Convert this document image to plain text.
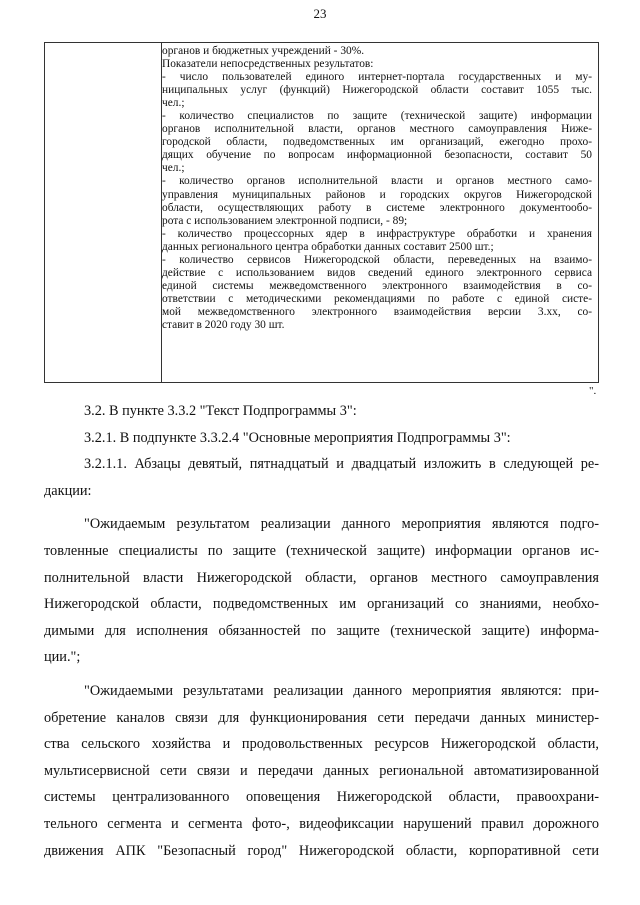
23
органов и бюджетных учреждений - 30%.
Показатели непосредственных результатов:
- число пользователей единого интернет-портала государственных и му-
ниципальных услуг (функций) Нижегородской области составит 1055 тыс.
чел.;
- количество специалистов по защите (технической защите) информации
органов исполнительной власти, органов местного самоуправления Ниже-
городской области, подведомственных им организаций, ежегодно прохо-
дящих обучение по вопросам информационной безопасности, составит 50
чел.;
- количество органов исполнительной власти и органов местного само-
управления муниципальных районов и городских округов Нижегородской
области, осуществляющих работу в системе электронного документообо-
рота с использованием электронной подписи, - 89;
- количество процессорных ядер в инфраструктуре обработки и хранения
данных регионального центра обработки данных составит 2500 шт.;
- количество сервисов Нижегородской области, переведенных на взаимо-
действие с использованием видов сведений единого электронного сервиса
единой системы межведомственного электронного взаимодействия в со-
ответствии с методическими рекомендациями по работе с единой систе-
мой межведомственного электронного взаимодействия версии 3.хх, со-
ставит в 2020 году 30 шт.
".

3.2. В пункте 3.3.2 "Текст Подпрограммы 3":

3.2.1. В подпункте 3.3.2.4 "Основные мероприятия Подпрограммы 3":

3.2.1.1. Абзацы девятый, пятнадцатый и двадцатый изложить в следующей ре-
дакции:

"Ожидаемым результатом реализации данного мероприятия являются подго-
товленные специалисты по защите (технической защите) информации органов ис-
полнительной власти Нижегородской области, органов местного самоуправления
Нижегородской области, подведомственных им организаций со знаниями, необхо-
димыми для исполнения обязанностей по защите (технической защите) информа-
ции.";

"Ожидаемыми результатами реализации данного мероприятия являются: при-
обретение каналов связи для функционирования сети передачи данных министер-
ства сельского хозяйства и продовольственных ресурсов Нижегородской области,
мультисервисной сети связи и передачи данных региональной автоматизированной
системы централизованного оповещения Нижегородской области, правоохрани-
тельного сегмента и сегмента фото-, видеофиксации нарушений правил дорожного
движения АПК "Безопасный город" Нижегородской области, корпоративной сети
